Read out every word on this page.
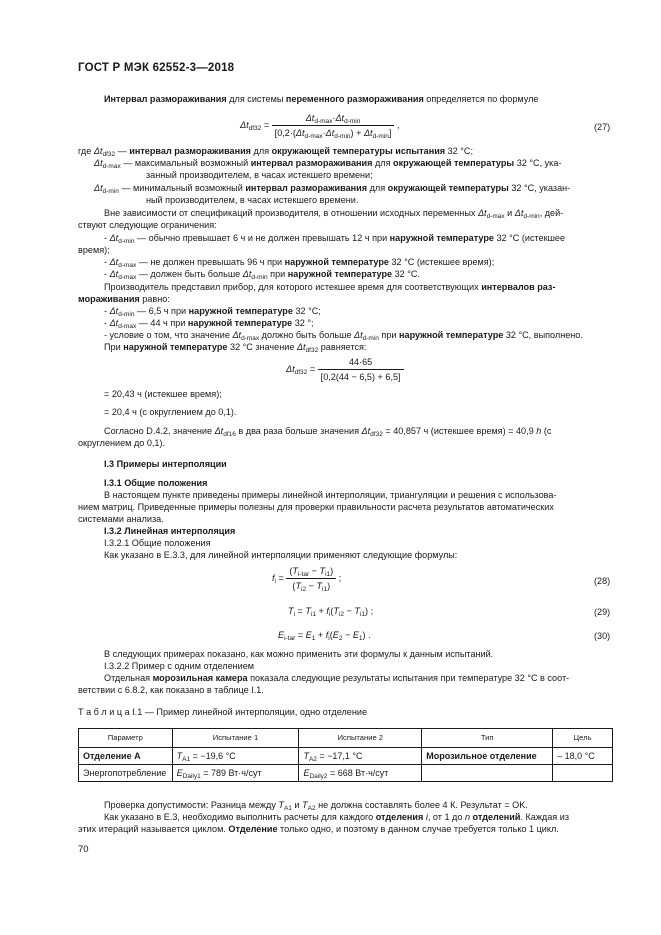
ГОСТ Р МЭК 62552-3—2018
Интервал размораживания для системы переменного размораживания определяется по формуле
$\Delta t_{df32} = \frac{\Delta t_{d-max}\cdot\Delta t_{d-min}}{[0,2\cdot(\Delta t_{d-max}\cdot\Delta t_{d-min}) + \Delta t_{d-min}]}$ ,	(27)
где $\Delta t_{df32}$ — интервал размораживания для окружающей температуры испытания 32 °С;
$\Delta t_{d-max}$ — максимальный возможный интервал размораживания для окружающей температуры 32 °С, ука-
занный производителем, в часах истекшего времени;
$\Delta t_{d-min}$ — минимальный возможный интервал размораживания для окружающей температуры 32 °С, указан-
ный производителем, в часах истекшего времени.
Вне зависимости от спецификаций производителя, в отношении исходных переменных $\Delta t_{d-max}$ и $\Delta t_{d-min}$, дей-
ствуют следующие ограничения:
- $\Delta t_{d-min}$ — обычно превышает 6 ч и не должен превышать 12 ч при наружной температуре 32 °С (истекшее
время);
- $\Delta t_{d-max}$ — не должен превышать 96 ч при наружной температуре 32 °С (истекшее время);
- $\Delta t_{d-max}$ — должен быть больше $\Delta t_{d-min}$ при наружной температуре 32 °С.
Производитель представил прибор, для которого истекшее время для соответствующих интервалов раз-
мораживания равно:
- $\Delta t_{d-min}$ — 6,5 ч при наружной температуре 32 °С;
- $\Delta t_{d-max}$ — 44 ч при наружной температуре 32 °;
- условие о том, что значение $\Delta t_{d-max}$ должно быть больше $\Delta t_{d-min}$ при наружной температуре 32 °С, выполнено.
При наружной температуре 32 °С значение $\Delta t_{df32}$ равняется:
$\Delta t_{df32} = \frac{44\cdot 65}{[0,2(44 - 6,5) + 6,5]}$
= 20,43 ч (истекшее время);
= 20,4 ч (с округлением до 0,1).
Согласно D.4.2, значение $\Delta t_{df16}$ в два раза больше значения $\Delta t_{df32} = 40,857$ ч (истекшее время) = 40,9 h (с
округлением до 0,1).
I.3 Примеры интерполяции
I.3.1 Общие положения
В настоящем пункте приведены примеры линейной интерполяции, триангуляции и решения с использова-
нием матриц. Приведенные примеры полезны для проверки правильности расчета результатов автоматических
системами анализа.
I.3.2 Линейная интерполяция
I.3.2.1 Общие положения
Как указано в Е.3.3, для линейной интерполяции применяют следующие формулы:
$f_i = \frac{(T_{i-tar} - T_{i1})}{(T_{i2} - T_{i1})}$ ;	(28)
$T_i = T_{i1} + f_i(T_{i2} - T_{i1})$ ;	(29)
$E_{i-tar} = E_1 + f_i(E_2 - E_1)$ .	(30)
В следующих примерах показано, как можно применить эти формулы к данным испытаний.
I.3.2.2 Пример с одним отделением
Отдельная морозильная камера показала следующие результаты испытания при температуре 32 °С в соот-
ветствии с 6.8.2, как показано в таблице I.1.
Т а б л и ц а I.1 — Пример линейной интерполяции, одно отделение
Параметр	Испытание 1	Испытание 2	Тип	Цель
Отделение A	$T_{A1} = -19,6$ °С	$T_{A2} = -17,1$ °С	Морозильное отделение	– 18,0 °С
Энергопотребление	$E_{Daily1} = 789$ Вт·ч/сут	$E_{Daily2} = 668$ Вт·ч/сут		
Проверка допустимости: Разница между $T_{A1}$ и $T_{A2}$ не должна составлять более 4 К. Результат = OK.
Как указано в Е.3, необходимо выполнить расчеты для каждого отделения i, от 1 до n отделений. Каждая из
этих итераций называется циклом. Отделение только одно, и поэтому в данном случае требуется только 1 цикл.
70
